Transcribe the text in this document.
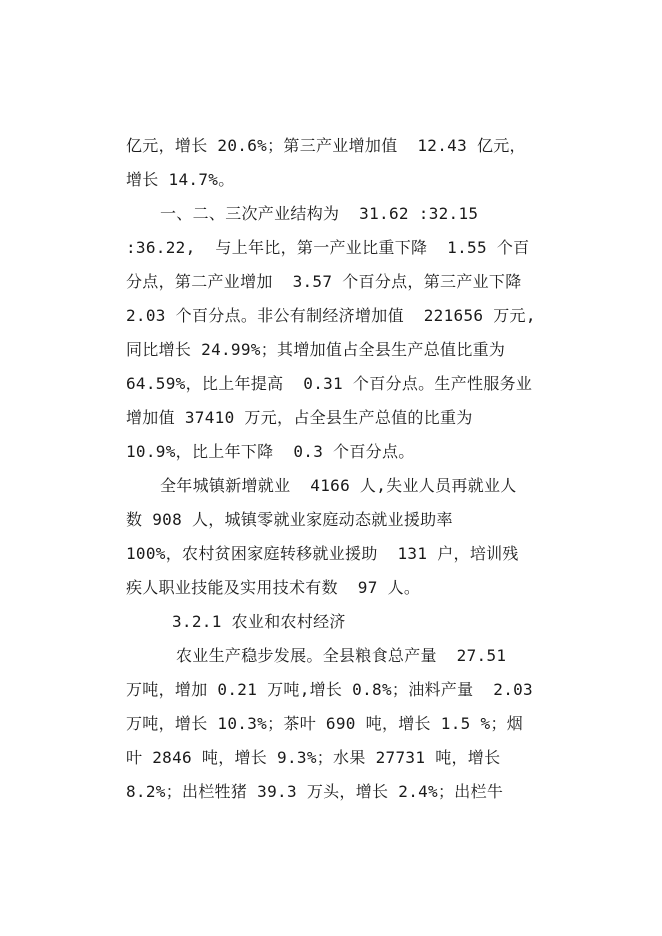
亿元，增长 20.6%；第三产业增加值  12.43 亿元，
增长 14.7%。
一、二、三次产业结构为  31.62 :32.15
:36.22,  与上年比，第一产业比重下降  1.55 个百
分点，第二产业增加  3.57 个百分点，第三产业下降
2.03 个百分点。非公有制经济增加值  221656 万元,
同比增长 24.99%；其增加值占全县生产总值比重为
64.59%，比上年提高  0.31 个百分点。生产性服务业
增加值 37410 万元，占全县生产总值的比重为
10.9%，比上年下降  0.3 个百分点。
全年城镇新增就业  4166 人,失业人员再就业人
数 908 人，城镇零就业家庭动态就业援助率
100%，农村贫困家庭转移就业援助  131 户，培训残
疾人职业技能及实用技术有数  97 人。
3.2.1 农业和农村经济
农业生产稳步发展。全县粮食总产量  27.51
万吨，增加 0.21 万吨,增长 0.8%；油料产量  2.03
万吨，增长 10.3%；茶叶 690 吨，增长 1.5 %；烟
叶 2846 吨，增长 9.3%；水果 27731 吨，增长
8.2%；出栏牲猪 39.3 万头，增长 2.4%；出栏牛
